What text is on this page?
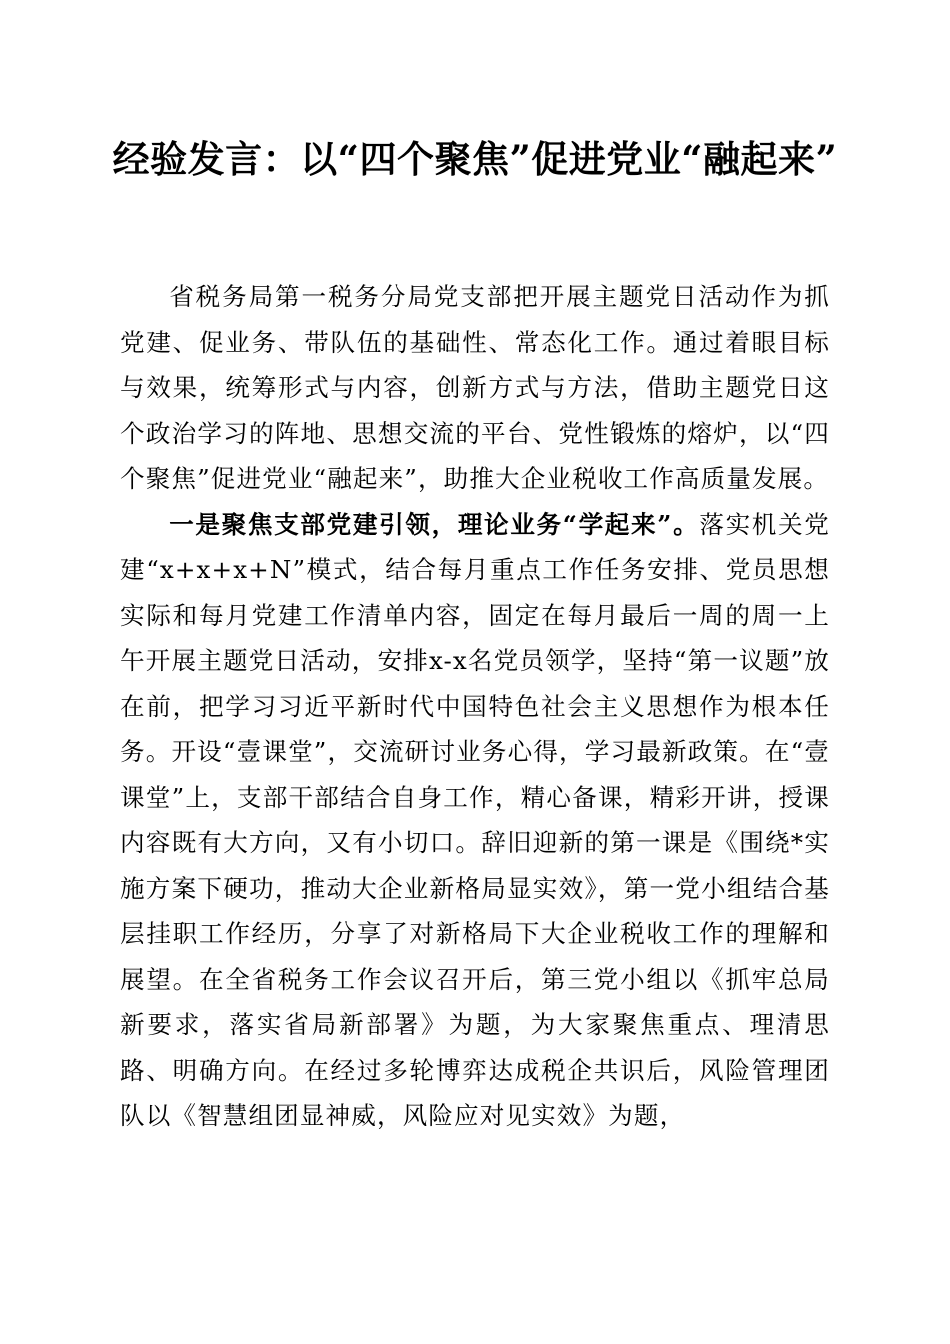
经验发言：以“四个聚焦”促进党业“融起来”

省税务局第一税务分局党支部把开展主题党日活动作为抓党建、促业务、带队伍的基础性、常态化工作。通过着眼目标与效果，统筹形式与内容，创新方式与方法，借助主题党日这个政治学习的阵地、思想交流的平台、党性锻炼的熔炉，以“四个聚焦”促进党业“融起来”，助推大企业税收工作高质量发展。

一是聚焦支部党建引领，理论业务“学起来”。落实机关党建“x+x+x+N”模式，结合每月重点工作任务安排、党员思想实际和每月党建工作清单内容，固定在每月最后一周的周一上午开展主题党日活动，安排x-x名党员领学，坚持“第一议题”放在前，把学习习近平新时代中国特色社会主义思想作为根本任务。开设“壹课堂”，交流研讨业务心得，学习最新政策。在“壹课堂”上，支部干部结合自身工作，精心备课，精彩开讲，授课内容既有大方向，又有小切口。辞旧迎新的第一课是《围绕*实施方案下硬功，推动大企业新格局显实效》，第一党小组结合基层挂职工作经历，分享了对新格局下大企业税收工作的理解和展望。在全省税务工作会议召开后，第三党小组以《抓牢总局新要求，落实省局新部署》为题，为大家聚焦重点、理清思路、明确方向。在经过多轮博弈达成税企共识后，风险管理团队以《智慧组团显神威，风险应对见实效》为题，
